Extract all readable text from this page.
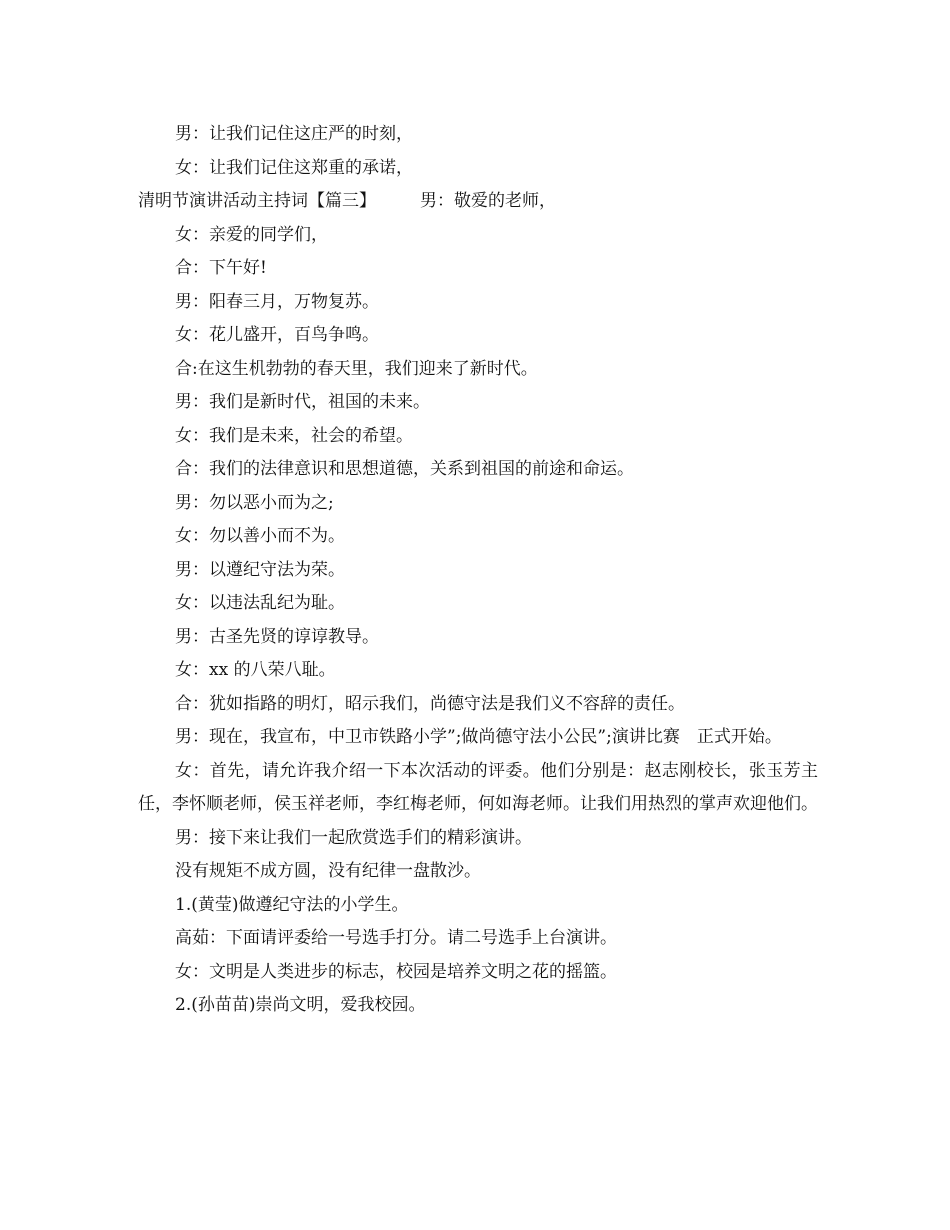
男：让我们记住这庄严的时刻，
女：让我们记住这郑重的承诺，
清明节演讲活动主持词【篇三】	男：敬爱的老师，
女：亲爱的同学们，
合：下午好!
男：阳春三月，万物复苏。
女：花儿盛开，百鸟争鸣。
合:在这生机勃勃的春天里，我们迎来了新时代。
男：我们是新时代，祖国的未来。
女：我们是未来，社会的希望。
合：我们的法律意识和思想道德，关系到祖国的前途和命运。
男：勿以恶小而为之;
女：勿以善小而不为。
男：以遵纪守法为荣。
女：以违法乱纪为耻。
男：古圣先贤的谆谆教导。
女：xx 的八荣八耻。
合：犹如指路的明灯，昭示我们，尚德守法是我们义不容辞的责任。
男：现在，我宣布，中卫市铁路小学”;做尚德守法小公民”;演讲比赛　正式开始。
女：首先，请允许我介绍一下本次活动的评委。他们分别是：赵志刚校长，张玉芳主任，李怀顺老师，侯玉祥老师，李红梅老师，何如海老师。让我们用热烈的掌声欢迎他们。
男：接下来让我们一起欣赏选手们的精彩演讲。
没有规矩不成方圆，没有纪律一盘散沙。
1.(黄莹)做遵纪守法的小学生。
高茹：下面请评委给一号选手打分。请二号选手上台演讲。
女：文明是人类进步的标志，校园是培养文明之花的摇篮。
2.(孙苗苗)崇尚文明，爱我校园。
